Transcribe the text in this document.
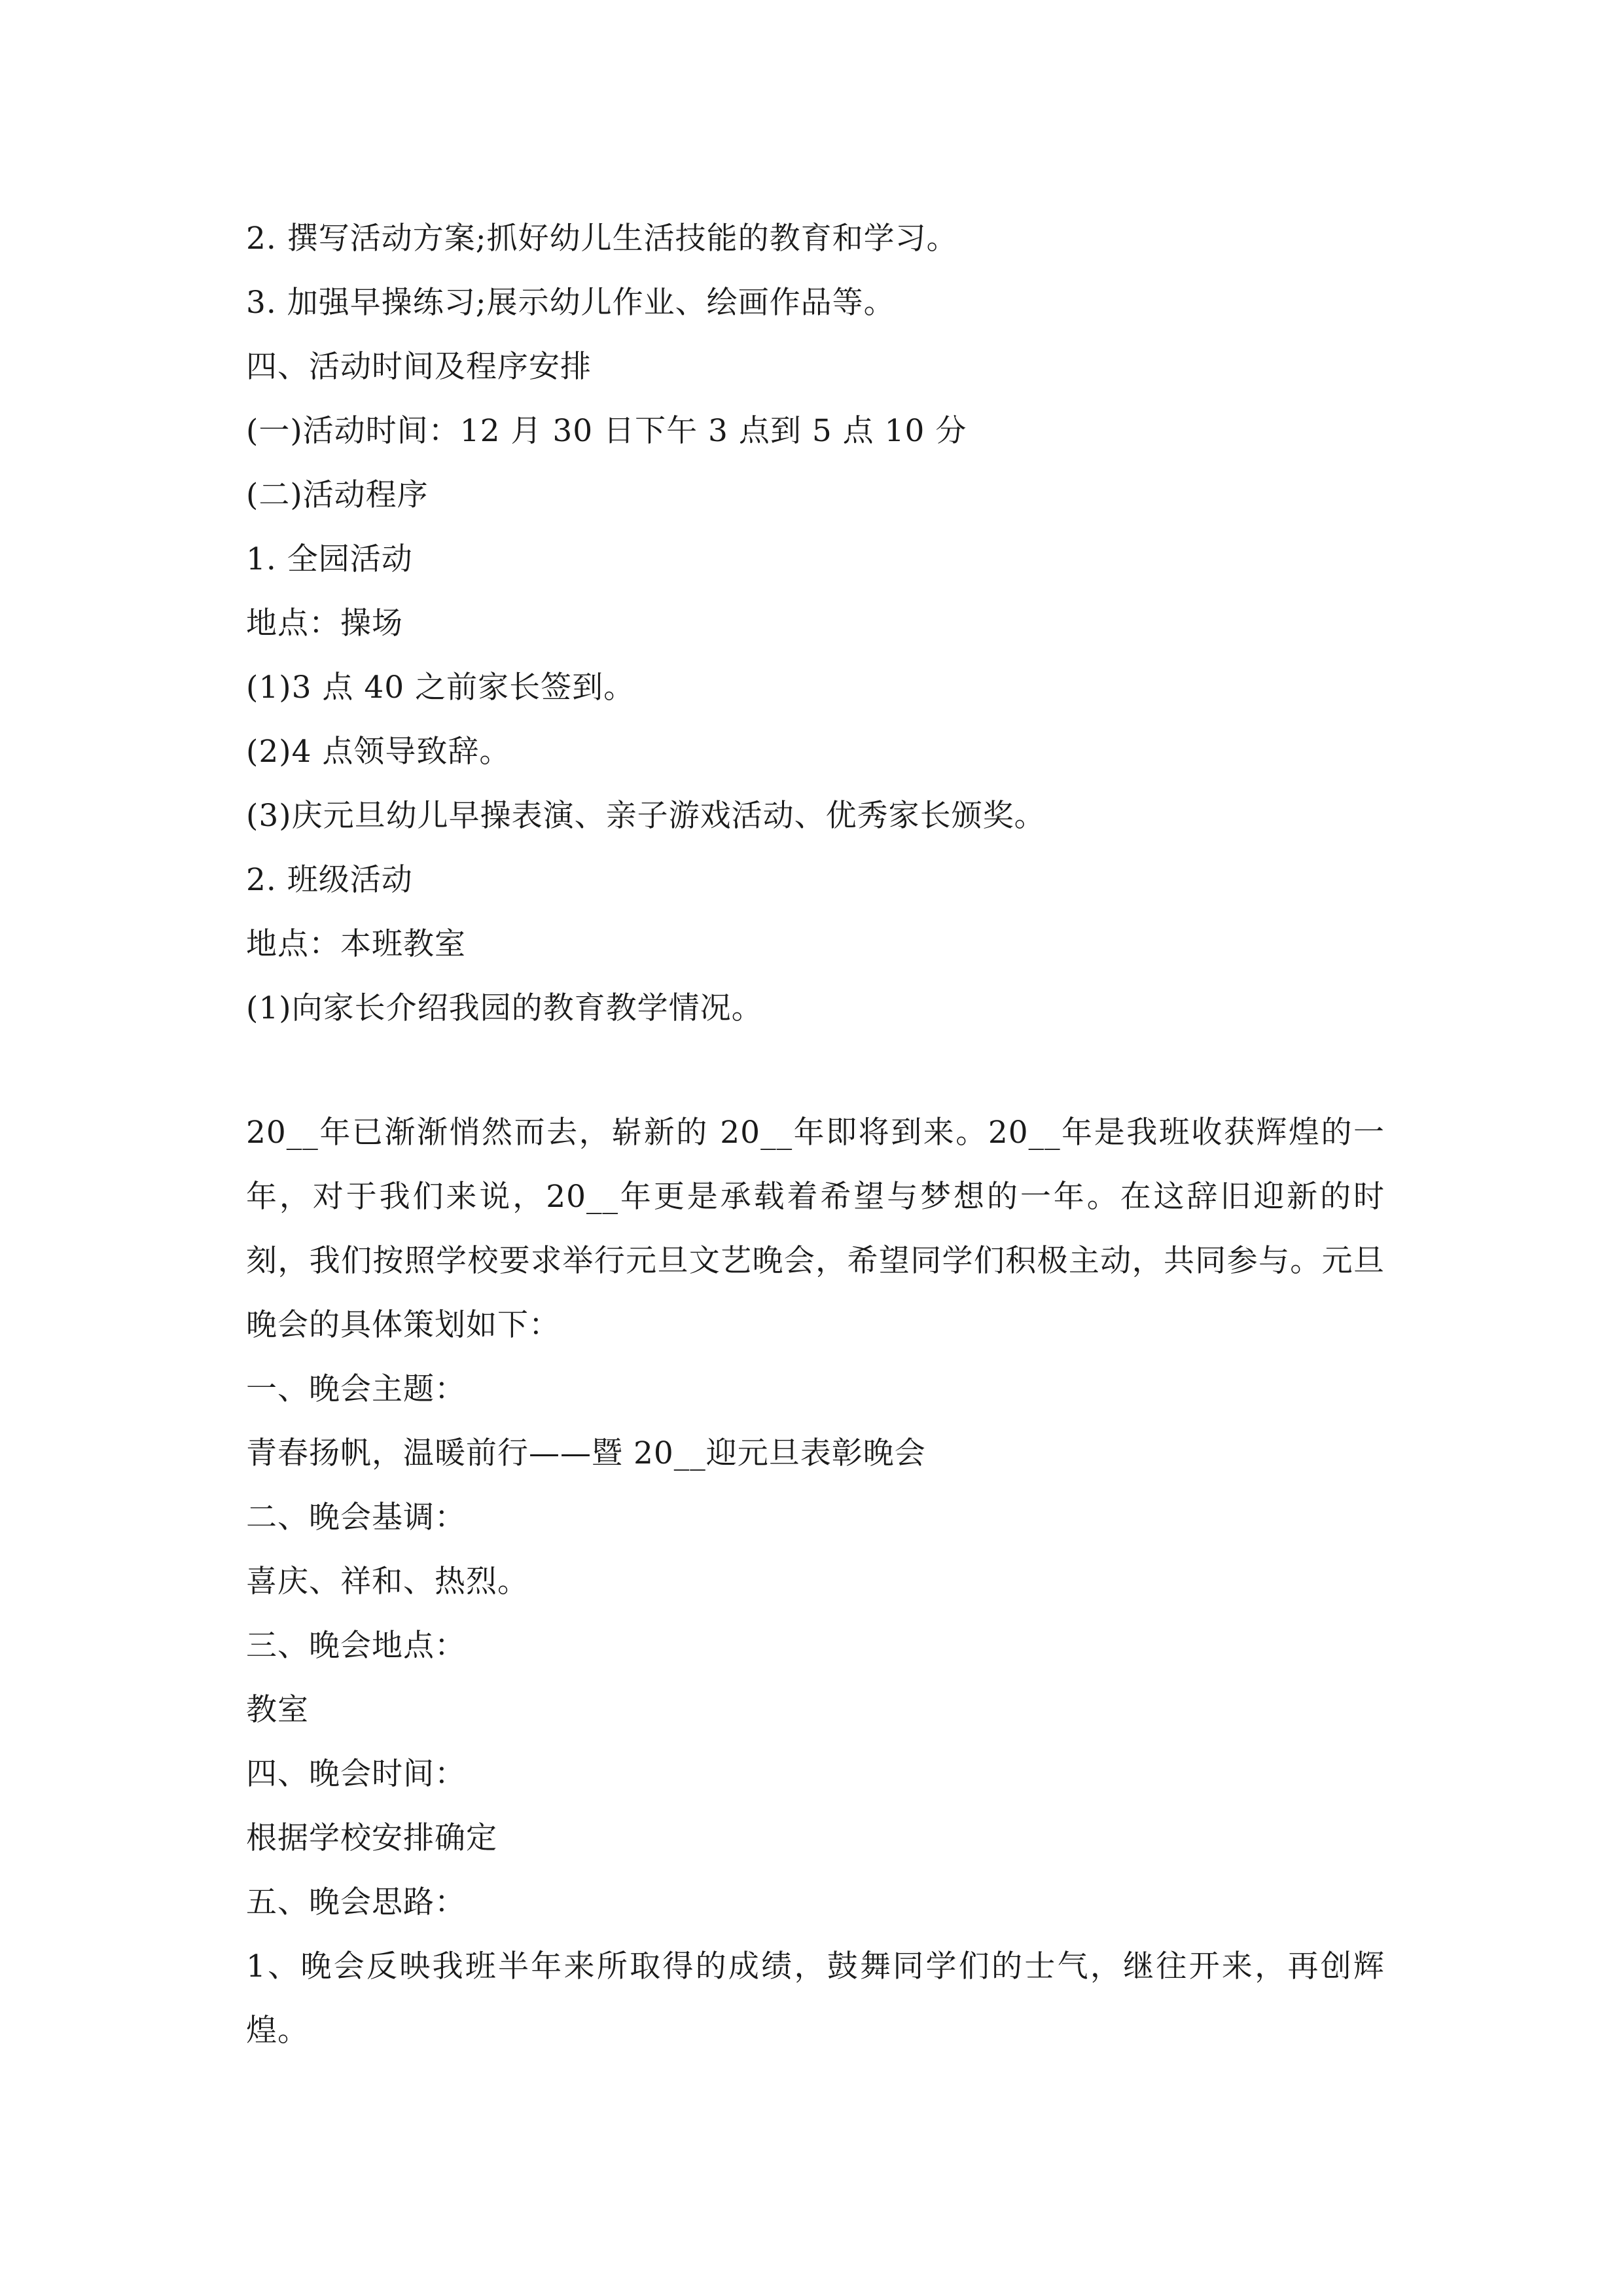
2. 撰写活动方案;抓好幼儿生活技能的教育和学习。
3. 加强早操练习;展示幼儿作业、绘画作品等。
四、活动时间及程序安排
(一)活动时间：12 月 30 日下午 3 点到 5 点 10 分
(二)活动程序
1. 全园活动
地点：操场
(1)3 点 40 之前家长签到。
(2)4 点领导致辞。
(3)庆元旦幼儿早操表演、亲子游戏活动、优秀家长颁奖。
2. 班级活动
地点：本班教室
(1)向家长介绍我园的教育教学情况。
20__年已渐渐悄然而去，崭新的 20__年即将到来。20__年是我班收获辉煌的一年，对于我们来说，20__年更是承载着希望与梦想的一年。在这辞旧迎新的时刻，我们按照学校要求举行元旦文艺晚会，希望同学们积极主动，共同参与。元旦晚会的具体策划如下：
一、晚会主题：
青春扬帆，温暖前行——暨 20__迎元旦表彰晚会
二、晚会基调：
喜庆、祥和、热烈。
三、晚会地点：
教室
四、晚会时间：
根据学校安排确定
五、晚会思路：
1、晚会反映我班半年来所取得的成绩，鼓舞同学们的士气，继往开来，再创辉煌。
